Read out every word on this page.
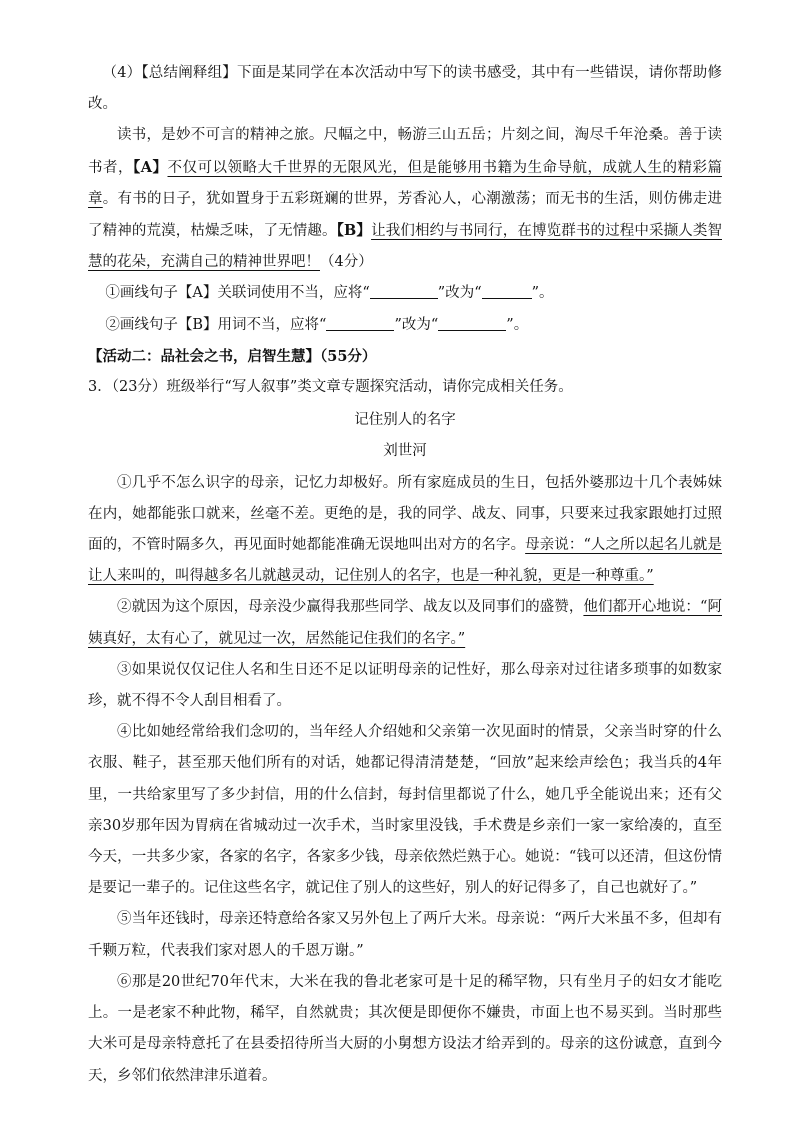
（4）【总结阐释组】下面是某同学在本次活动中写下的读书感受，其中有一些错误，请你帮助修改。

读书，是妙不可言的精神之旅。尺幅之中，畅游三山五岳；片刻之间，淘尽千年沧桑。善于读书者，【A】不仅可以领略大千世界的无限风光，但是能够用书籍为生命导航，成就人生的精彩篇章。有书的日子，犹如置身于五彩斑斓的世界，芳香沁人，心潮激荡；而无书的生活，则仿佛走进了精神的荒漠，枯燥乏味，了无情趣。【B】让我们相约与书同行，在博览群书的过程中采撷人类智慧的花朵，充满自己的精神世界吧！（4分）

①画线句子【A】关联词使用不当，应将“	”改为“	”。

②画线句子【B】用词不当，应将“	”改为“	”。

【活动二：品社会之书，启智生慧】（55分）

3．（23分）班级举行“写人叙事”类文章专题探究活动，请你完成相关任务。

记住别人的名字

刘世河

①几乎不怎么识字的母亲，记忆力却极好。所有家庭成员的生日，包括外婆那边十几个表姊妹在内，她都能张口就来，丝毫不差。更绝的是，我的同学、战友、同事，只要来过我家跟她打过照面的，不管时隔多久，再见面时她都能准确无误地叫出对方的名字。母亲说：“人之所以起名儿就是让人来叫的，叫得越多名儿就越灵动，记住别人的名字，也是一种礼貌，更是一种尊重。”

②就因为这个原因，母亲没少赢得我那些同学、战友以及同事们的盛赞，他们都开心地说：“阿姨真好，太有心了，就见过一次，居然能记住我们的名字。”

③如果说仅仅记住人名和生日还不足以证明母亲的记性好，那么母亲对过往诸多琐事的如数家珍，就不得不令人刮目相看了。

④比如她经常给我们念叨的，当年经人介绍她和父亲第一次见面时的情景，父亲当时穿的什么衣服、鞋子，甚至那天他们所有的对话，她都记得清清楚楚，“回放”起来绘声绘色；我当兵的4年里，一共给家里写了多少封信，用的什么信封，每封信里都说了什么，她几乎全能说出来；还有父亲30岁那年因为胃病在省城动过一次手术，当时家里没钱，手术费是乡亲们一家一家给凑的，直至今天，一共多少家，各家的名字，各家多少钱，母亲依然烂熟于心。她说：“钱可以还清，但这份情是要记一辈子的。记住这些名字，就记住了别人的这些好，别人的好记得多了，自己也就好了。”

⑤当年还钱时，母亲还特意给各家又另外包上了两斤大米。母亲说：“两斤大米虽不多，但却有千颗万粒，代表我们家对恩人的千恩万谢。”

⑥那是20世纪70年代末，大米在我的鲁北老家可是十足的稀罕物，只有坐月子的妇女才能吃上。一是老家不种此物，稀罕，自然就贵；其次便是即便你不嫌贵，市面上也不易买到。当时那些大米可是母亲特意托了在县委招待所当大厨的小舅想方设法才给弄到的。母亲的这份诚意，直到今天，乡邻们依然津津乐道着。
